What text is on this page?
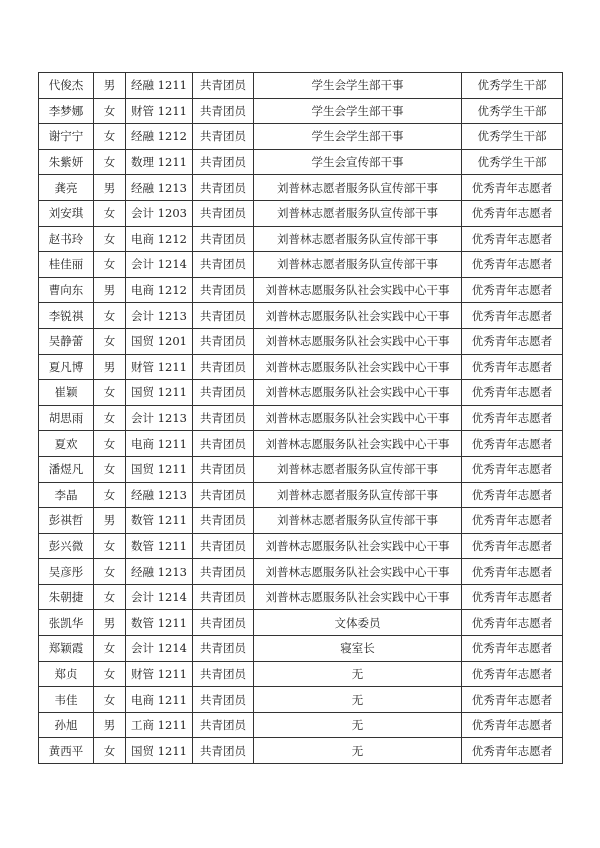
代俊杰	男	经融 1211	共青团员	学生会学生部干事	优秀学生干部
李梦娜	女	财管 1211	共青团员	学生会学生部干事	优秀学生干部
谢宁宁	女	经融 1212	共青团员	学生会学生部干事	优秀学生干部
朱紫妍	女	数理 1211	共青团员	学生会宣传部干事	优秀学生干部
龚亮	男	经融 1213	共青团员	刘普林志愿者服务队宣传部干事	优秀青年志愿者
刘安琪	女	会计 1203	共青团员	刘普林志愿者服务队宣传部干事	优秀青年志愿者
赵书玲	女	电商 1212	共青团员	刘普林志愿者服务队宣传部干事	优秀青年志愿者
桂佳丽	女	会计 1214	共青团员	刘普林志愿者服务队宣传部干事	优秀青年志愿者
曹向东	男	电商 1212	共青团员	刘普林志愿服务队社会实践中心干事	优秀青年志愿者
李锐祺	女	会计 1213	共青团员	刘普林志愿服务队社会实践中心干事	优秀青年志愿者
吴静蕾	女	国贸 1201	共青团员	刘普林志愿服务队社会实践中心干事	优秀青年志愿者
夏凡博	男	财管 1211	共青团员	刘普林志愿服务队社会实践中心干事	优秀青年志愿者
崔颖	女	国贸 1211	共青团员	刘普林志愿服务队社会实践中心干事	优秀青年志愿者
胡思雨	女	会计 1213	共青团员	刘普林志愿服务队社会实践中心干事	优秀青年志愿者
夏欢	女	电商 1211	共青团员	刘普林志愿服务队社会实践中心干事	优秀青年志愿者
潘煜凡	女	国贸 1211	共青团员	刘普林志愿者服务队宣传部干事	优秀青年志愿者
李晶	女	经融 1213	共青团员	刘普林志愿者服务队宣传部干事	优秀青年志愿者
彭祺哲	男	数管 1211	共青团员	刘普林志愿者服务队宣传部干事	优秀青年志愿者
彭兴微	女	数管 1211	共青团员	刘普林志愿服务队社会实践中心干事	优秀青年志愿者
吴彦彤	女	经融 1213	共青团员	刘普林志愿服务队社会实践中心干事	优秀青年志愿者
朱朝捷	女	会计 1214	共青团员	刘普林志愿服务队社会实践中心干事	优秀青年志愿者
张凯华	男	数管 1211	共青团员	文体委员	优秀青年志愿者
郑颖霞	女	会计 1214	共青团员	寝室长	优秀青年志愿者
郑贞	女	财管 1211	共青团员	无	优秀青年志愿者
韦佳	女	电商 1211	共青团员	无	优秀青年志愿者
孙旭	男	工商 1211	共青团员	无	优秀青年志愿者
黄西平	女	国贸 1211	共青团员	无	优秀青年志愿者
